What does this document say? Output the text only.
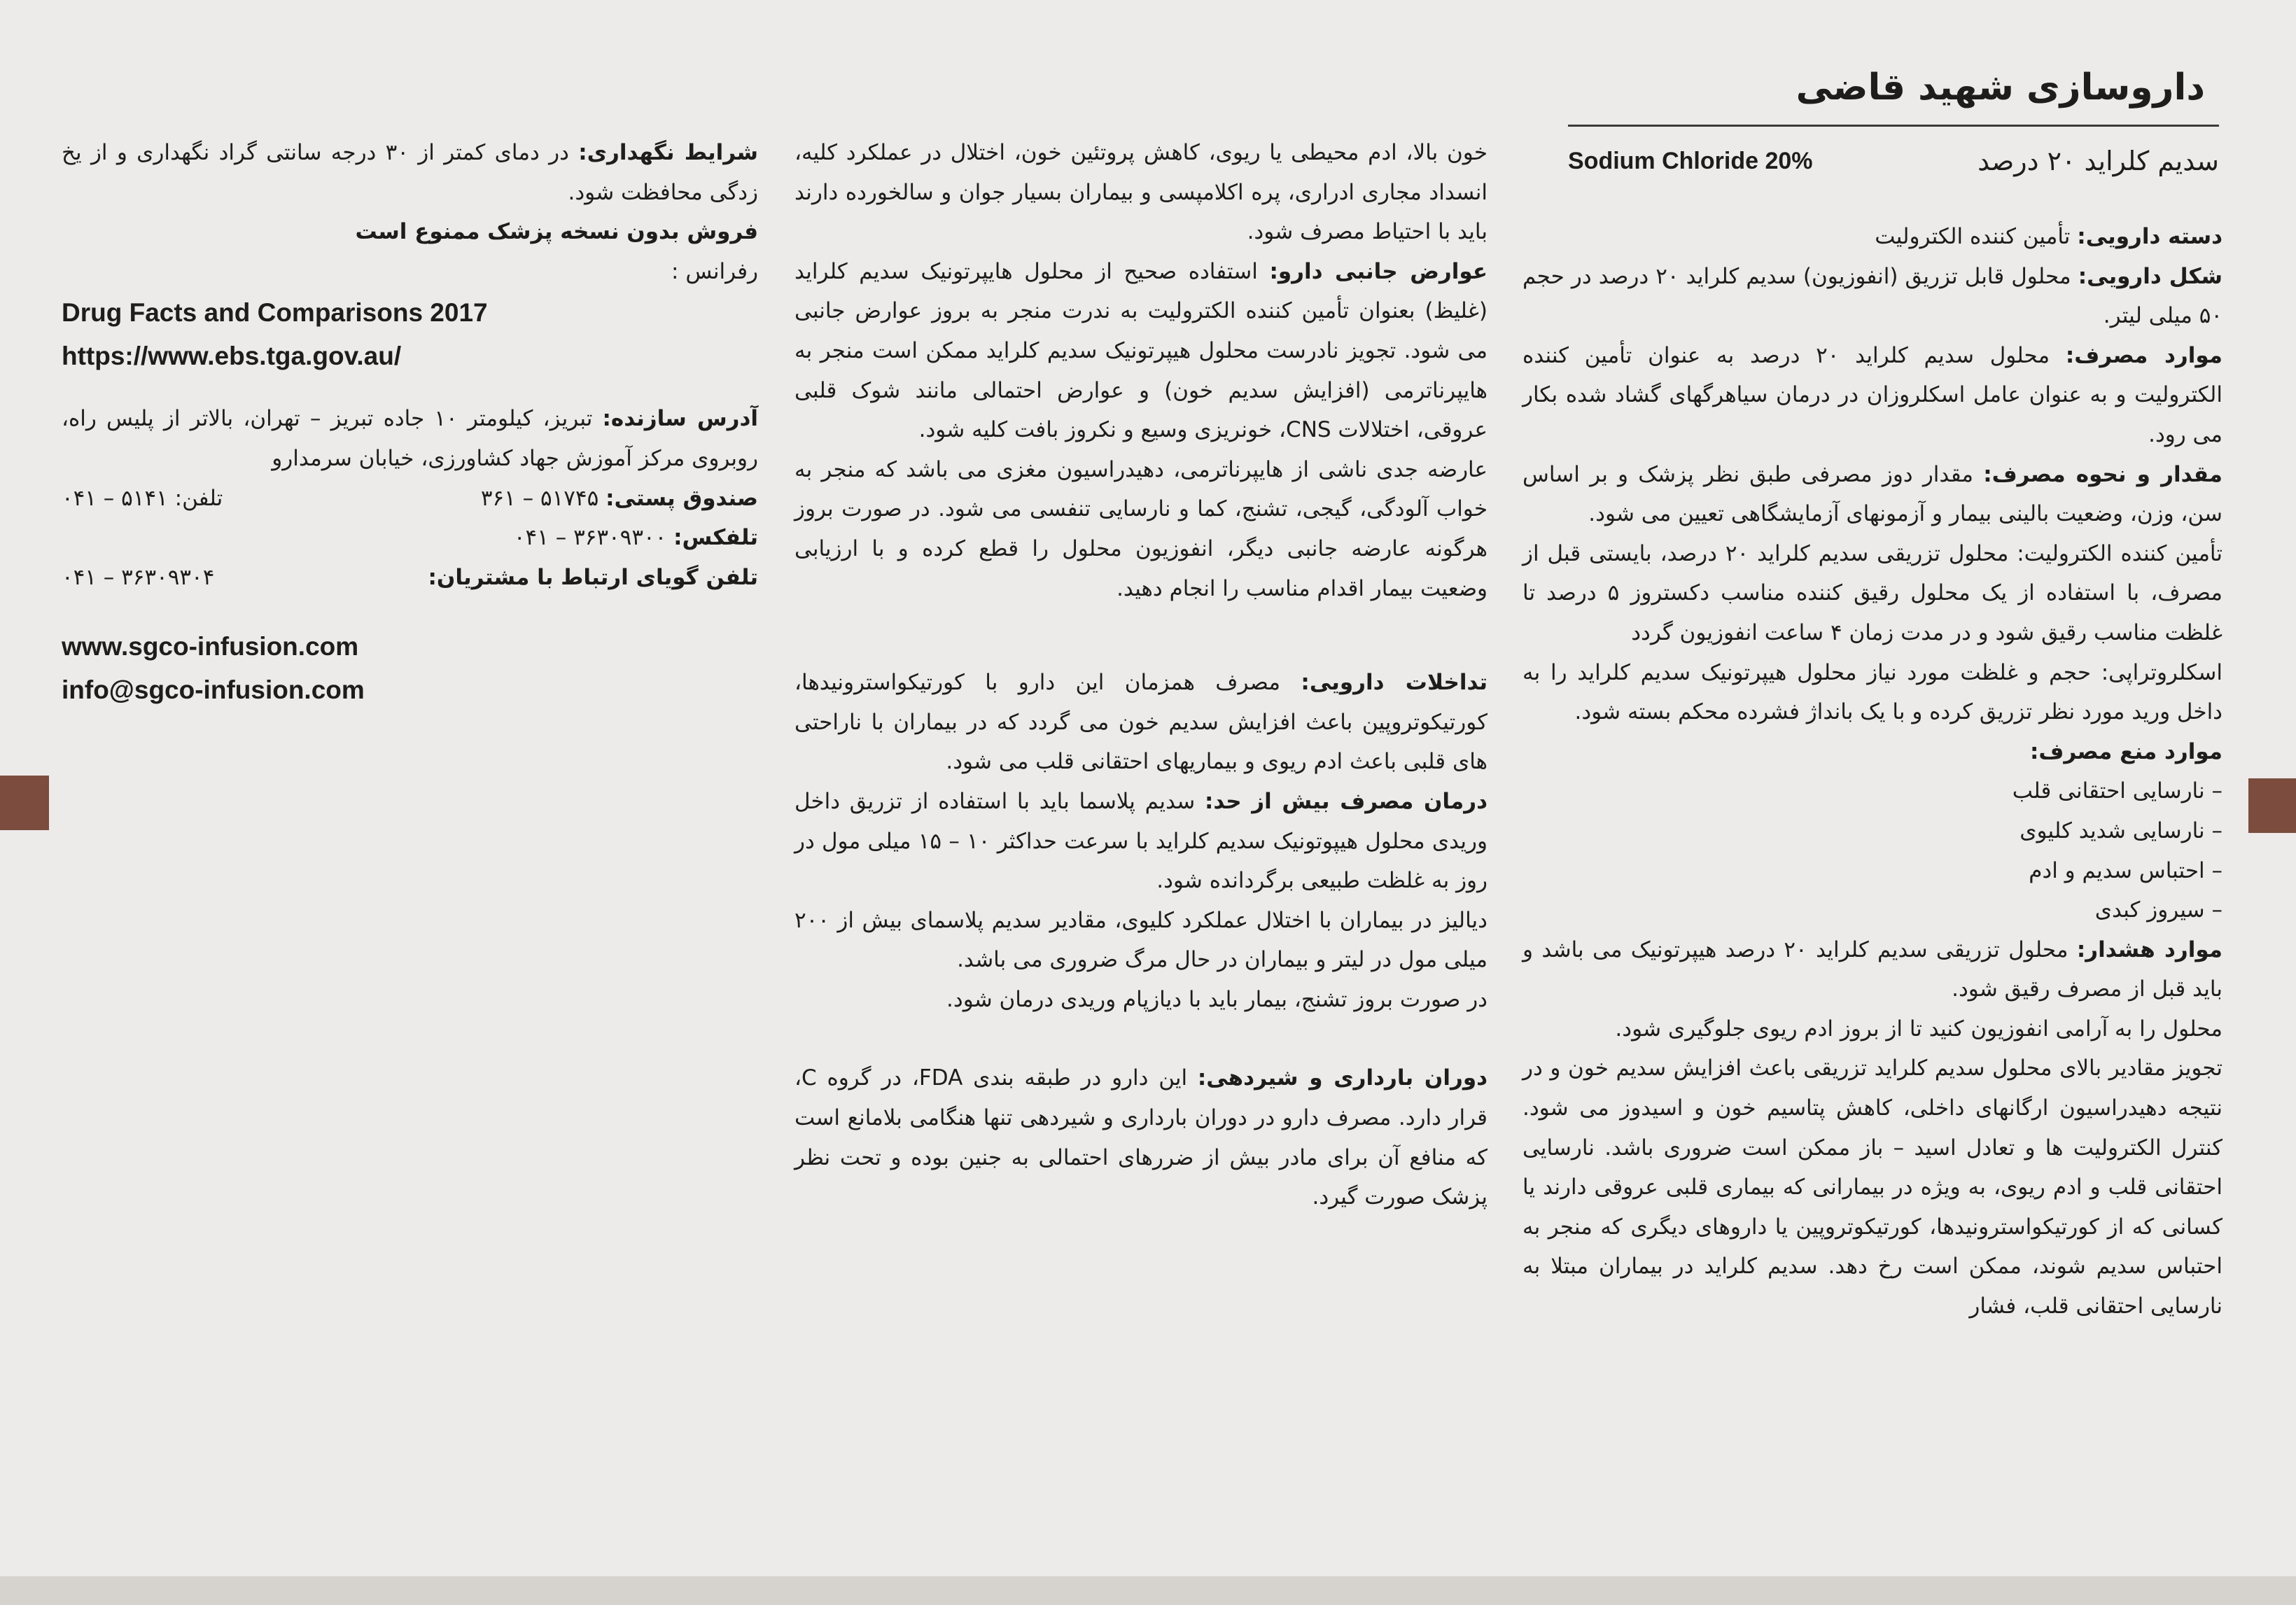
داروسازی شهید قاضی
سدیم کلراید ۲۰ درصد
Sodium Chloride 20%

دسته دارویی: تأمین کننده الکترولیت

شکل دارویی: محلول قابل تزریق (انفوزیون) سدیم کلراید ۲۰ درصد در حجم ۵۰ میلی لیتر.

موارد مصرف: محلول سدیم کلراید ۲۰ درصد به عنوان تأمین کننده الکترولیت و به عنوان عامل اسکلروزان در درمان سیاهرگهای گشاد شده بکار می رود.

مقدار و نحوه مصرف: مقدار دوز مصرفی طبق نظر پزشک و بر اساس سن، وزن، وضعیت بالینی بیمار و آزمونهای آزمایشگاهی تعیین می شود.

تأمین کننده الکترولیت: محلول تزریقی سدیم کلراید ۲۰ درصد، بایستی قبل از مصرف، با استفاده از یک محلول رقیق کننده مناسب دکستروز ۵ درصد تا غلظت مناسب رقیق شود و در مدت زمان ۴ ساعت انفوزیون گردد

اسکلروتراپی: حجم و غلظت مورد نیاز محلول هیپرتونیک سدیم کلراید را به داخل ورید مورد نظر تزریق کرده و با یک بانداژ فشرده محکم بسته شود.

موارد منع مصرف:

– نارسایی احتقانی قلب

– نارسایی شدید کلیوی

– احتباس سدیم و ادم

– سیروز کبدی

موارد هشدار: محلول تزریقی سدیم کلراید ۲۰ درصد هیپرتونیک می باشد و باید قبل از مصرف رقیق شود.

محلول را به آرامی انفوزیون کنید تا از بروز ادم ریوی جلوگیری شود.

تجویز مقادیر بالای محلول سدیم کلراید تزریقی باعث افزایش سدیم خون و در نتیجه دهیدراسیون ارگانهای داخلی، کاهش پتاسیم خون و اسیدوز می شود. کنترل الکترولیت ها و تعادل اسید – باز ممکن است ضروری باشد. نارسایی احتقانی قلب و ادم ریوی، به ویژه در بیمارانی که بیماری قلبی عروقی دارند یا کسانی که از کورتیکواسترونیدها، کورتیکوتروپین یا داروهای دیگری که منجر به احتباس سدیم شوند، ممکن است رخ دهد. سدیم کلراید در بیماران مبتلا به نارسایی احتقانی قلب، فشار

خون بالا، ادم محیطی یا ریوی، کاهش پروتئین خون، اختلال در عملکرد کلیه، انسداد مجاری ادراری، پره اکلامپسی و بیماران بسیار جوان و سالخورده دارند باید با احتیاط مصرف شود.

عوارض جانبی دارو: استفاده صحیح از محلول هایپرتونیک سدیم کلراید (غلیظ) بعنوان تأمین کننده الکترولیت به ندرت منجر به بروز عوارض جانبی می شود. تجویز نادرست محلول هیپرتونیک سدیم کلراید ممکن است منجر به هایپرناترمی (افزایش سدیم خون) و عوارض احتمالی مانند شوک قلبی عروقی، اختلالات CNS، خونریزی وسیع و نکروز بافت کلیه شود.

عارضه جدی ناشی از هایپرناترمی، دهیدراسیون مغزی می باشد که منجر به خواب آلودگی، گیجی، تشنج، کما و نارسایی تنفسی می شود. در صورت بروز هرگونه عارضه جانبی دیگر، انفوزیون محلول را قطع کرده و با ارزیابی وضعیت بیمار اقدام مناسب را انجام دهید.

تداخلات دارویی: مصرف همزمان این دارو با کورتیکواسترونیدها، کورتیکوتروپین باعث افزایش سدیم خون می گردد که در بیماران با ناراحتی های قلبی باعث ادم ریوی و بیماریهای احتقانی قلب می شود.

درمان مصرف بیش از حد: سدیم پلاسما باید با استفاده از تزریق داخل وریدی محلول هیپوتونیک سدیم کلراید با سرعت حداکثر ۱۰ – ۱۵ میلی مول در روز به غلظت طبیعی برگردانده شود.

دیالیز در بیماران با اختلال عملکرد کلیوی، مقادیر سدیم پلاسمای بیش از ۲۰۰ میلی مول در لیتر و بیماران در حال مرگ ضروری می باشد.

در صورت بروز تشنج، بیمار باید با دیازپام وریدی درمان شود.

دوران بارداری و شیردهی: این دارو در طبقه بندی FDA، در گروه C، قرار دارد. مصرف دارو در دوران بارداری و شیردهی تنها هنگامی بلامانع است که منافع آن برای مادر بیش از ضررهای احتمالی به جنین بوده و تحت نظر پزشک صورت گیرد.

شرایط نگهداری: در دمای کمتر از ۳۰ درجه سانتی گراد نگهداری و از یخ زدگی محافظت شود.

فروش بدون نسخه پزشک ممنوع است

رفرانس :

Drug Facts and Comparisons 2017
https://www.ebs.tga.gov.au/

آدرس سازنده: تبریز، کیلومتر ۱۰ جاده تبریز – تهران، بالاتر از پلیس راه، روبروی مرکز آموزش جهاد کشاورزی، خیابان سرمدارو

صندوق پستی: ۳۶۱ – ۵۱۷۴۵
تلفن: ۰۴۱ – ۵۱۴۱
تلفکس: ۰۴۱ – ۳۶۳۰۹۳۰۰
تلفن گویای ارتباط با مشتریان:
۰۴۱ – ۳۶۳۰۹۳۰۴
www.sgco-infusion.com
info@sgco-infusion.com
